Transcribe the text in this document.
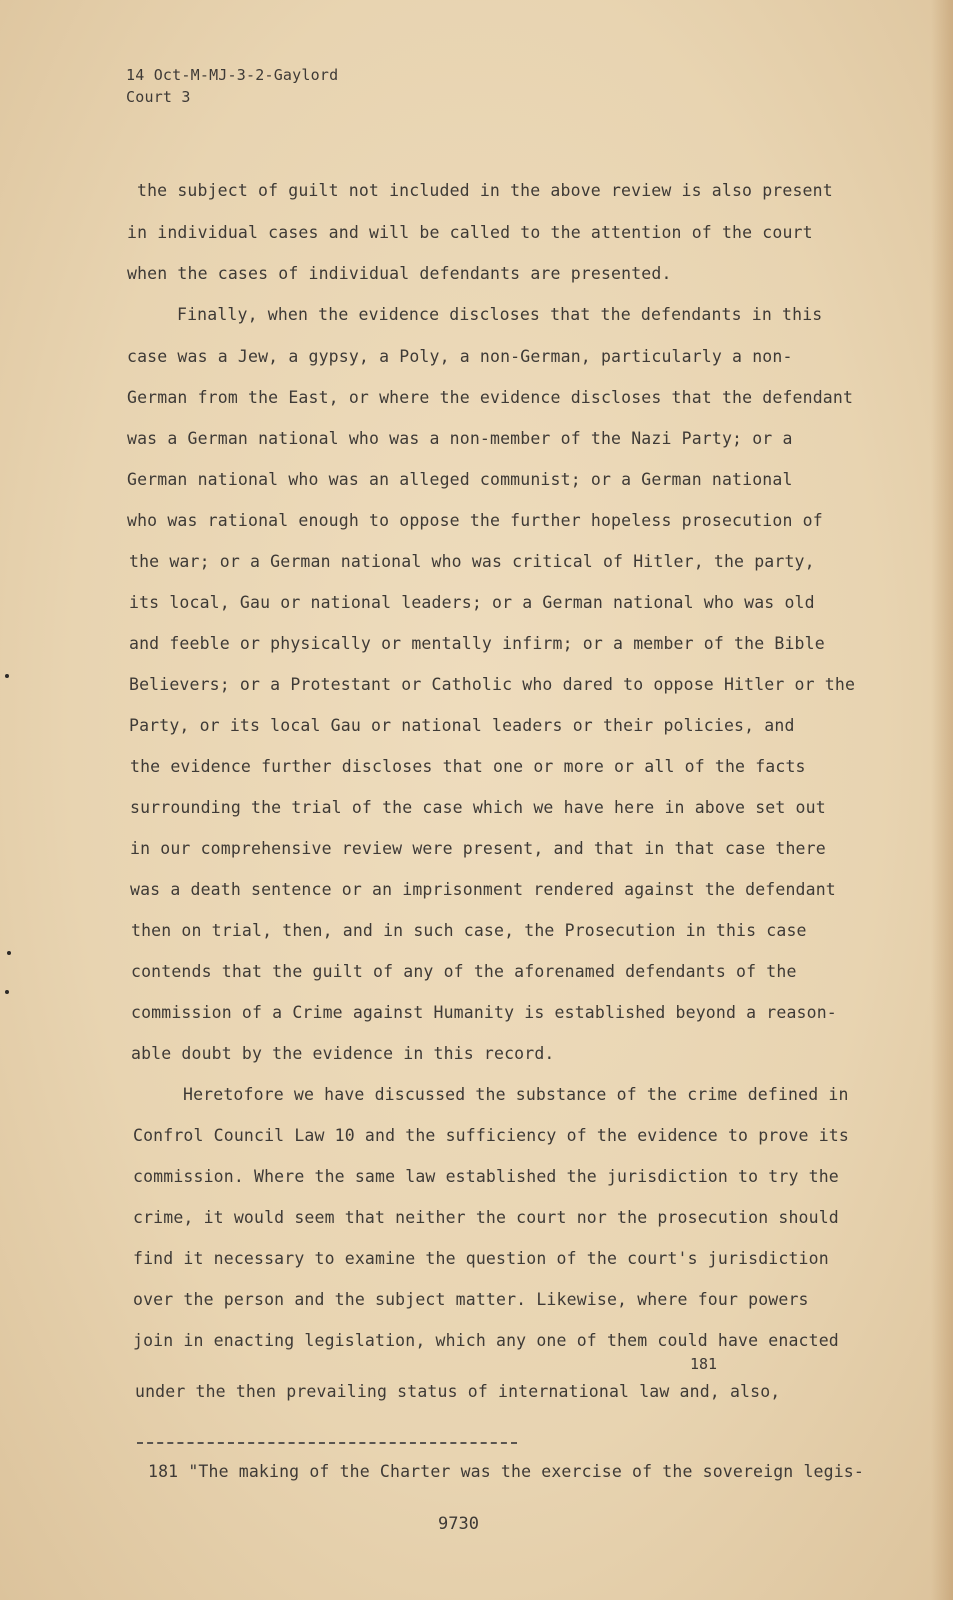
14 Oct-M-MJ-3-2-Gaylord
Court 3
the subject of guilt not included in the above review is also present
in individual cases and will be called to the attention of the court
when the cases of individual defendants are presented.
Finally, when the evidence discloses that the defendants in this
case was a Jew, a gypsy, a Poly, a non-German, particularly a non-
German from the East, or where the evidence discloses that the defendant
was a German national who was a non-member of the Nazi Party; or a
German national who was an alleged communist; or a German national
who was rational enough to oppose the further hopeless prosecution of
the war; or a German national who was critical of Hitler, the party,
its local, Gau or national leaders; or a German national who was old
and feeble or physically or mentally infirm; or a member of the Bible
Believers; or a Protestant or Catholic who dared to oppose Hitler or the
Party, or its local Gau or national leaders or their policies, and
the evidence further discloses that one or more or all of the facts
surrounding the trial of the case which we have here in above set out
in our comprehensive review were present, and that in that case there
was a death sentence or an imprisonment rendered against the defendant
then on trial, then, and in such case, the Prosecution in this case
contends that the guilt of any of the aforenamed defendants of the
commission of a Crime against Humanity is established beyond a reason-
able doubt by the evidence in this record.
Heretofore we have discussed the substance of the crime defined in
Confrol Council Law 10 and the sufficiency of the evidence to prove its
commission. Where the same law established the jurisdiction to try the
crime, it would seem that neither the court nor the prosecution should
find it necessary to examine the question of the court's jurisdiction
over the person and the subject matter. Likewise, where four powers
join in enacting legislation, which any one of them could have enacted
under the then prevailing status of international law and, also,
181
181 "The making of the Charter was the exercise of the sovereign legis-
9730
